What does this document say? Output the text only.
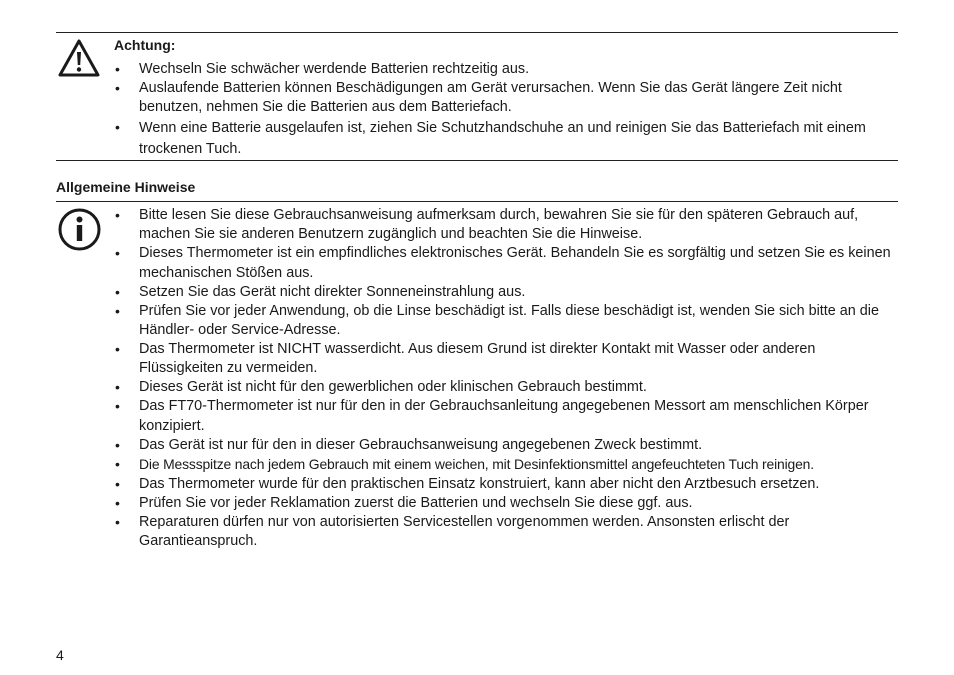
Achtung:
• Wechseln Sie schwächer werdende Batterien rechtzeitig aus.
• Auslaufende Batterien können Beschädigungen am Gerät verursachen. Wenn Sie das Gerät längere Zeit nicht benutzen, nehmen Sie die Batterien aus dem Batteriefach.
• Wenn eine Batterie ausgelaufen ist, ziehen Sie Schutzhandschuhe an und reinigen Sie das Batteriefach mit einem trockenen Tuch.
Allgemeine Hinweise
• Bitte lesen Sie diese Gebrauchsanweisung aufmerksam durch, bewahren Sie sie für den späteren Gebrauch auf, machen Sie sie anderen Benutzern zugänglich und beachten Sie die Hinweise.
• Dieses Thermometer ist ein empfindliches elektronisches Gerät. Behandeln Sie es sorgfältig und setzen Sie es keinen mechanischen Stößen aus.
• Setzen Sie das Gerät nicht direkter Sonneneinstrahlung aus.
• Prüfen Sie vor jeder Anwendung, ob die Linse beschädigt ist. Falls diese beschädigt ist, wenden Sie sich bitte an die Händler- oder Service-Adresse.
• Das Thermometer ist NICHT wasserdicht. Aus diesem Grund ist direkter Kontakt mit Wasser oder anderen Flüssigkeiten zu vermeiden.
• Dieses Gerät ist nicht für den gewerblichen oder klinischen Gebrauch bestimmt.
• Das FT70-Thermometer ist nur für den in der Gebrauchsanleitung angegebenen Messort am menschlichen Körper konzipiert.
• Das Gerät ist nur für den in dieser Gebrauchsanweisung angegebenen Zweck bestimmt.
• Die Messspitze nach jedem Gebrauch mit einem weichen, mit Desinfektionsmittel angefeuchteten Tuch reinigen.
• Das Thermometer wurde für den praktischen Einsatz konstruiert, kann aber nicht den Arztbesuch ersetzen.
• Prüfen Sie vor jeder Reklamation zuerst die Batterien und wechseln Sie diese ggf. aus.
• Reparaturen dürfen nur von autorisierten Servicestellen vorgenommen werden. Ansonsten erlischt der Garantieanspruch.
4
